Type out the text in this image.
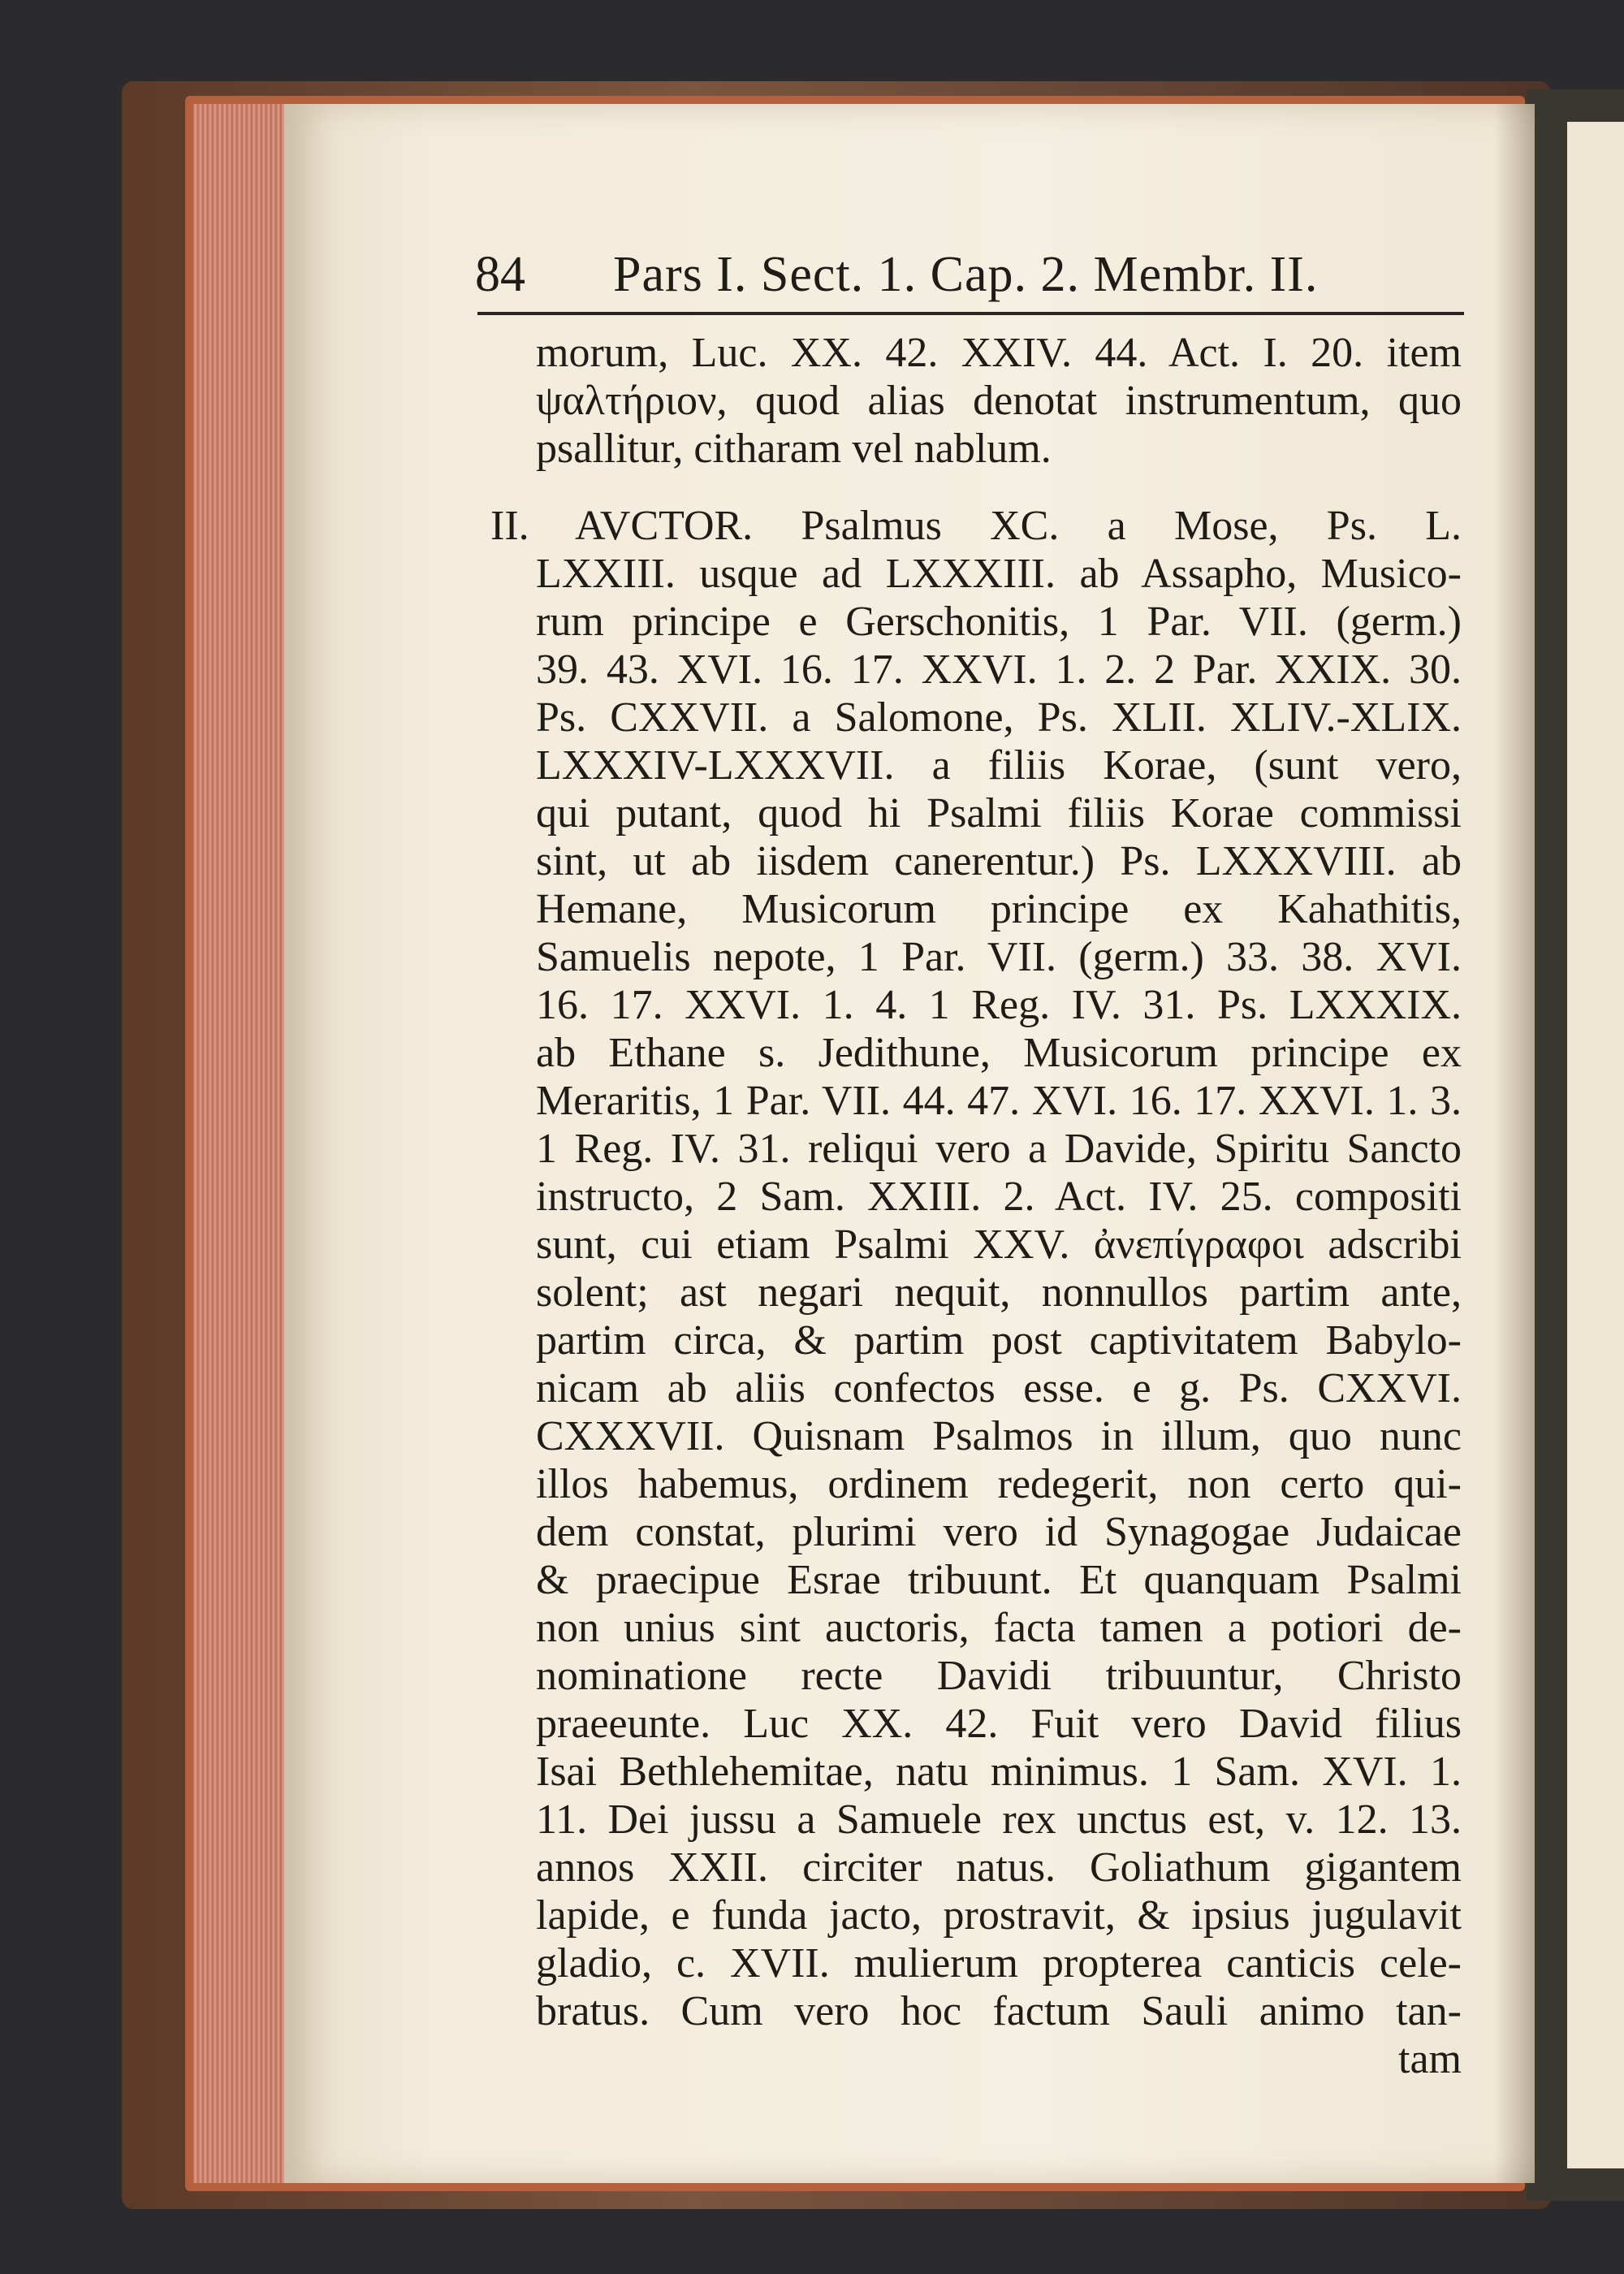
84 Pars I. Sect. 1. Cap. 2. Membr. II.
morum, Luc. XX. 42. XXIV. 44. Act. I. 20. item
ψαλτήριον, quod alias denotat instrumentum, quo
psallitur, citharam vel nablum.
II. AVCTOR. Psalmus XC. a Mose, Ps. L.
LXXIII. usque ad LXXXIII. ab Assapho, Musico-
rum principe e Gerschonitis, 1 Par. VII. (germ.)
39. 43. XVI. 16. 17. XXVI. 1. 2. 2 Par. XXIX. 30.
Ps. CXXVII. a Salomone, Ps. XLII. XLIV.-XLIX.
LXXXIV-LXXXVII. a filiis Korae, (sunt vero,
qui putant, quod hi Psalmi filiis Korae commissi
sint, ut ab iisdem canerentur.) Ps. LXXXVIII. ab
Hemane, Musicorum principe ex Kahathitis,
Samuelis nepote, 1 Par. VII. (germ.) 33. 38. XVI.
16. 17. XXVI. 1. 4. 1 Reg. IV. 31. Ps. LXXXIX.
ab Ethane s. Jedithune, Musicorum principe ex
Meraritis, 1 Par. VII. 44. 47. XVI. 16. 17. XXVI. 1. 3.
1 Reg. IV. 31. reliqui vero a Davide, Spiritu Sancto
instructo, 2 Sam. XXIII. 2. Act. IV. 25. compositi
sunt, cui etiam Psalmi XXV. ἀνεπίγραφοι adscribi
solent; ast negari nequit, nonnullos partim ante,
partim circa, & partim post captivitatem Babylo-
nicam ab aliis confectos esse. e g. Ps. CXXVI.
CXXXVII. Quisnam Psalmos in illum, quo nunc
illos habemus, ordinem redegerit, non certo qui-
dem constat, plurimi vero id Synagogae Judaicae
& praecipue Esrae tribuunt. Et quanquam Psalmi
non unius sint auctoris, facta tamen a potiori de-
nominatione recte Davidi tribuuntur, Christo
praeeunte. Luc XX. 42. Fuit vero David filius
Isai Bethlehemitae, natu minimus. 1 Sam. XVI. 1.
11. Dei jussu a Samuele rex unctus est, v. 12. 13.
annos XXII. circiter natus. Goliathum gigantem
lapide, e funda jacto, prostravit, & ipsius jugulavit
gladio, c. XVII. mulierum propterea canticis cele-
bratus. Cum vero hoc factum Sauli animo tan-
tam
